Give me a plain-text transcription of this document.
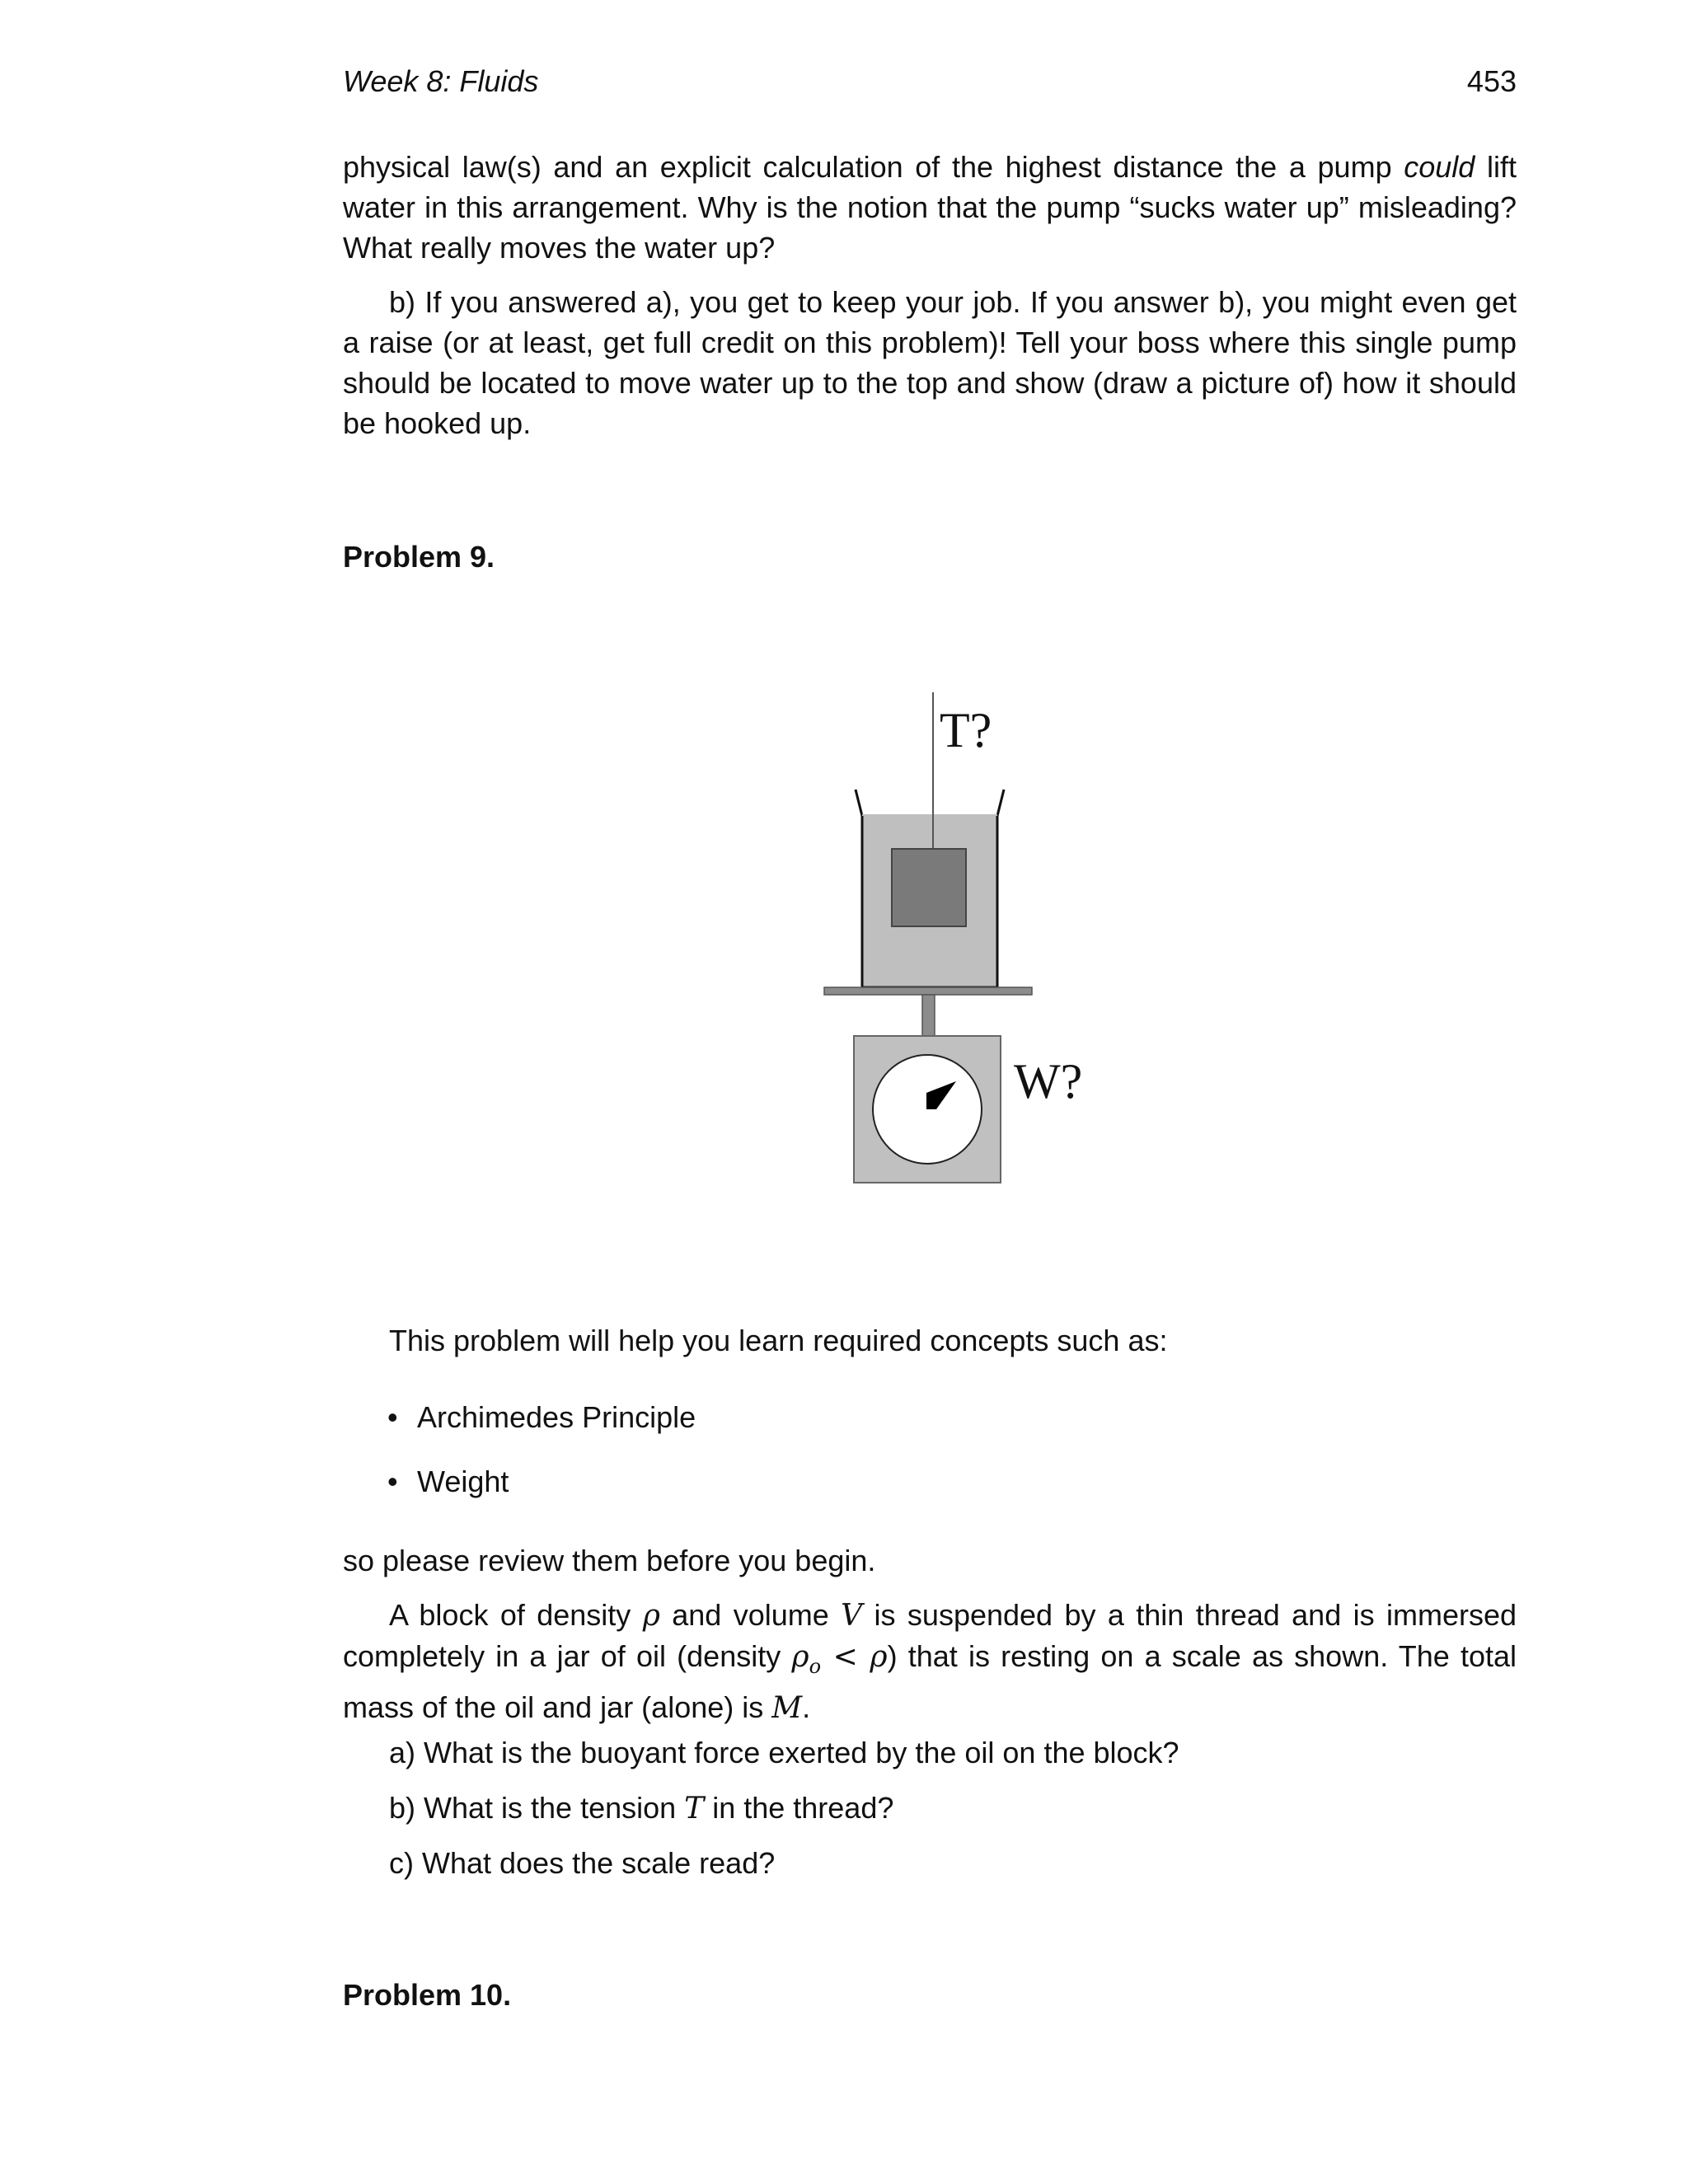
Week 8: Fluids	453

physical law(s) and an explicit calculation of the highest distance the a pump could lift water in this arrangement. Why is the notion that the pump “sucks water up” misleading? What really moves the water up?

b) If you answered a), you get to keep your job. If you answer b), you might even get a raise (or at least, get full credit on this problem)! Tell your boss where this single pump should be located to move water up to the top and show (draw a picture of) how it should be hooked up.

Problem 9.
T?
W?
This problem will help you learn required concepts such as:
• Archimedes Principle
• Weight
so please review them before you begin.

A block of density ρ and volume V is suspended by a thin thread and is immersed completely in a jar of oil (density $\rho_o < \rho$) that is resting on a scale as shown. The total mass of the oil and jar (alone) is M.

a) What is the buoyant force exerted by the oil on the block?
b) What is the tension T in the thread?
c) What does the scale read?
Problem 10.
